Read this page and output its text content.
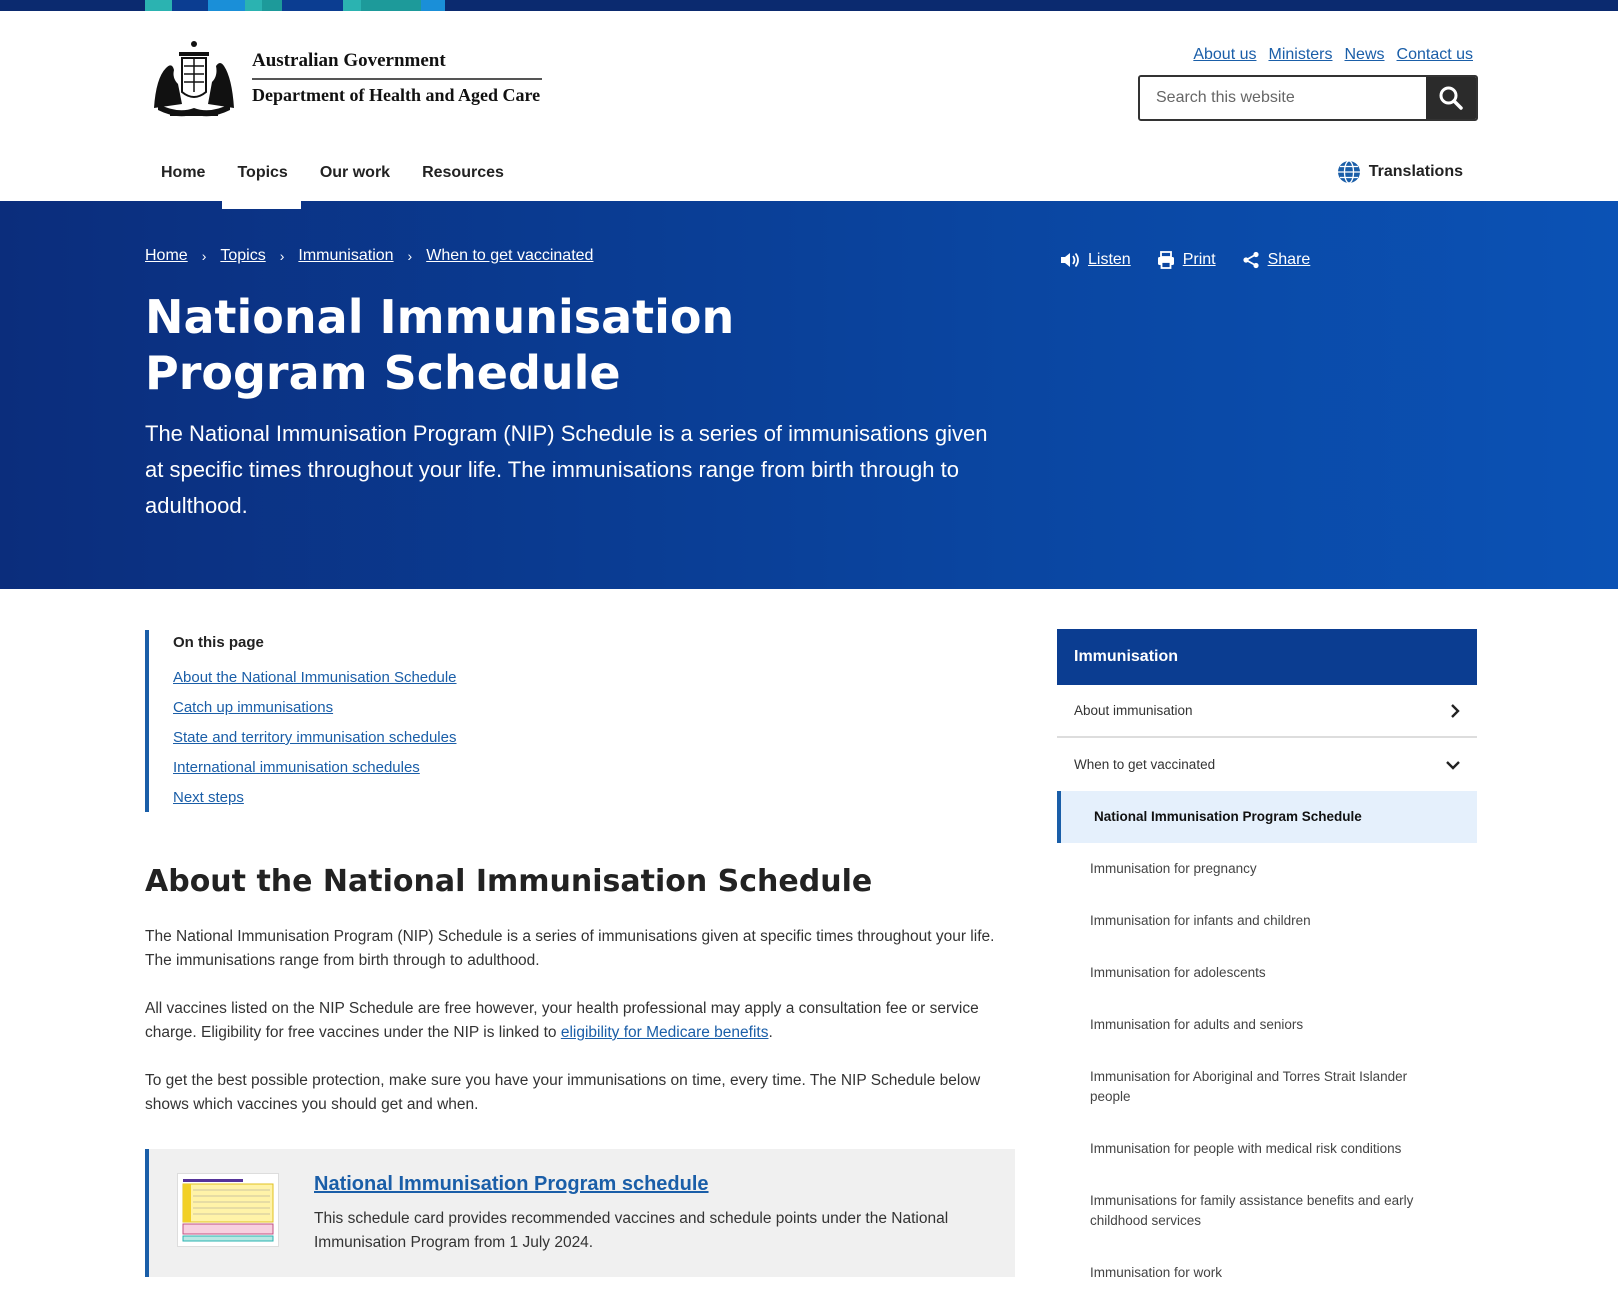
Australian Government
Department of Health and Aged Care
About us Ministers News Contact us
Search this website
Home	Topics	Our work	Resources	Translations
Home › Topics › Immunisation › When to get vaccinated	Listen	Print	Share
National Immunisation Program Schedule

The National Immunisation Program (NIP) Schedule is a series of immunisations given at specific times throughout your life. The immunisations range from birth through to adulthood.

On this page
About the National Immunisation Schedule
Catch up immunisations
State and territory immunisation schedules
International immunisation schedules
Next steps
About the National Immunisation Schedule

The National Immunisation Program (NIP) Schedule is a series of immunisations given at specific times throughout your life. The immunisations range from birth through to adulthood.

All vaccines listed on the NIP Schedule are free however, your health professional may apply a consultation fee or service charge. Eligibility for free vaccines under the NIP is linked to eligibility for Medicare benefits.

To get the best possible protection, make sure you have your immunisations on time, every time. The NIP Schedule below shows which vaccines you should get and when.

National Immunisation Program schedule

This schedule card provides recommended vaccines and schedule points under the National Immunisation Program from 1 July 2024.

Immunisation
About immunisation
When to get vaccinated
National Immunisation Program Schedule
Immunisation for pregnancy
Immunisation for infants and children
Immunisation for adolescents
Immunisation for adults and seniors
Immunisation for Aboriginal and Torres Strait Islander people
Immunisation for people with medical risk conditions
Immunisations for family assistance benefits and early childhood services
Immunisation for work
